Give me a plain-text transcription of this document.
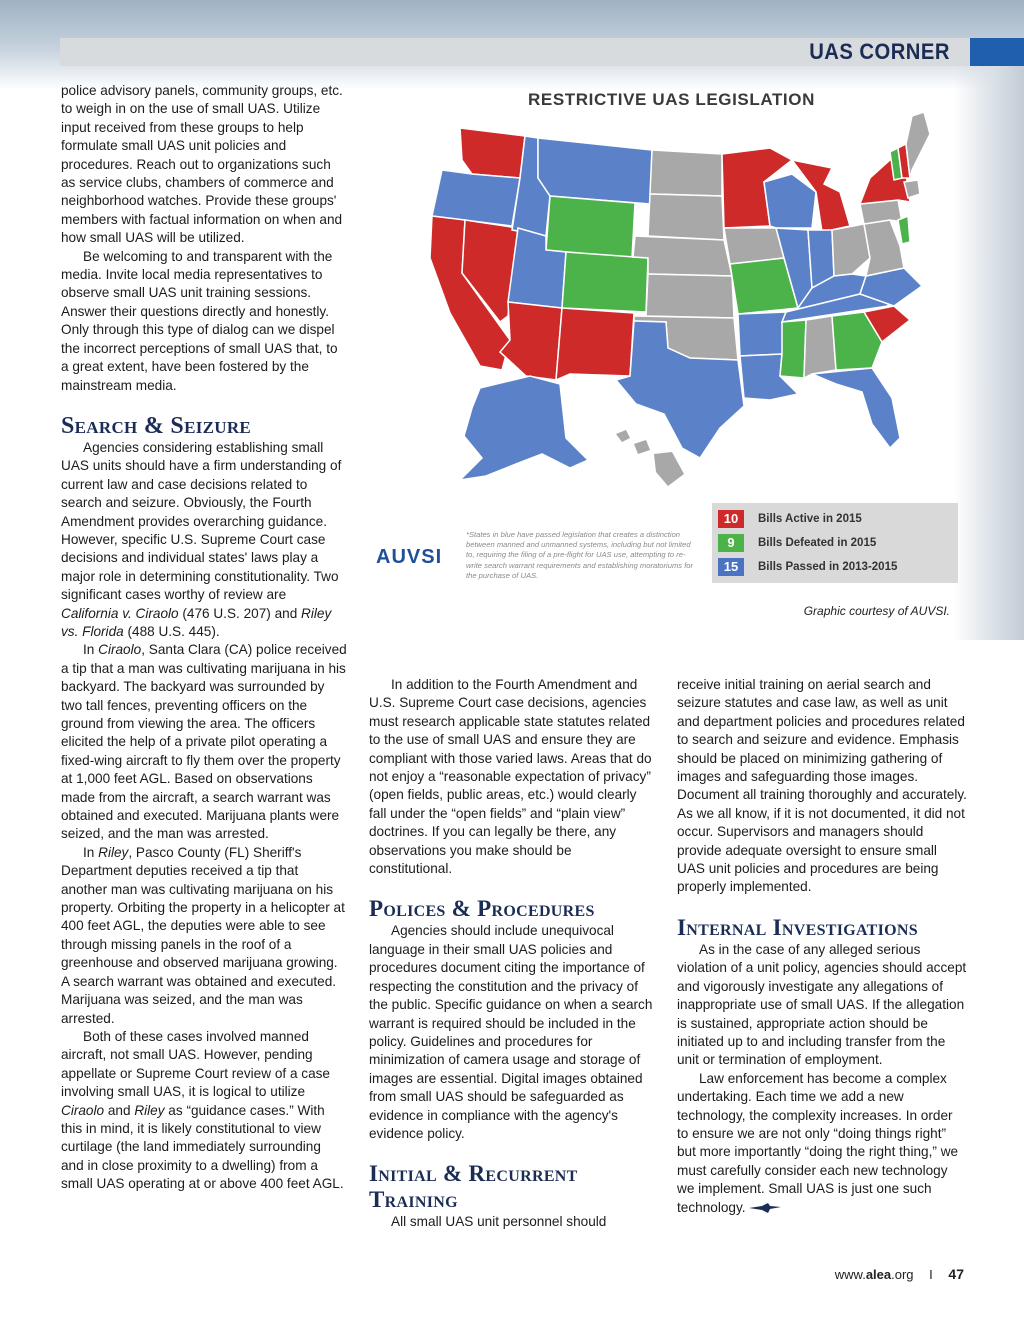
UAS CORNER

police advisory panels, community groups, etc. to weigh in on the use of small UAS. Utilize input received from these groups to help formulate small UAS unit policies and procedures. Reach out to organizations such as service clubs, chambers of commerce and neighborhood watches. Provide these groups' members with factual information on when and how small UAS will be utilized.

Be welcoming to and transparent with the media. Invite local media representatives to observe small UAS unit training sessions. Answer their questions directly and honestly. Only through this type of dialog can we dispel the incorrect perceptions of small UAS that, to a great extent, have been fostered by the mainstream media.

Search & Seizure

Agencies considering establishing small UAS units should have a firm understanding of current law and case decisions related to search and seizure. Obviously, the Fourth Amendment provides overarching guidance. However, specific U.S. Supreme Court case decisions and individual states' laws play a major role in determining constitutionality. Two significant cases worthy of review are California v. Ciraolo (476 U.S. 207) and Riley vs. Florida (488 U.S. 445).

In Ciraolo, Santa Clara (CA) police received a tip that a man was cultivating marijuana in his backyard. The backyard was surrounded by two tall fences, preventing officers on the ground from viewing the area. The officers elicited the help of a private pilot operating a fixed-wing aircraft to fly them over the property at 1,000 feet AGL. Based on observations made from the aircraft, a search warrant was obtained and executed. Marijuana plants were seized, and the man was arrested.

In Riley, Pasco County (FL) Sheriff's Department deputies received a tip that another man was cultivating marijuana on his property. Orbiting the property in a helicopter at 400 feet AGL, the deputies were able to see through missing panels in the roof of a greenhouse and observed marijuana growing. A search warrant was obtained and executed. Marijuana was seized, and the man was arrested.

Both of these cases involved manned aircraft, not small UAS. However, pending appellate or Supreme Court review of a case involving small UAS, it is logical to utilize Ciraolo and Riley as “guidance cases.” With this in mind, it is likely constitutional to view curtilage (the land immediately surrounding and in close proximity to a dwelling) from a small UAS operating at or above 400 feet AGL.

RESTRICTIVE UAS LEGISLATION
*States in blue have passed legislation that creates a distinction between manned and unmanned systems, including but not limited to, requiring the filing of a pre-flight for UAS use, attempting to re-write search warrant requirements and establishing moratoriums for the purchase of UAS.
AUVSI
10	Bills Active in 2015
9	Bills Defeated in 2015
15	Bills Passed in 2013-2015
Graphic courtesy of AUVSI.

In addition to the Fourth Amendment and U.S. Supreme Court case decisions, agencies must research applicable state statutes related to the use of small UAS and ensure they are compliant with those varied laws. Areas that do not enjoy a “reasonable expectation of privacy” (open fields, public areas, etc.) would clearly fall under the “open fields” and “plain view” doctrines. If you can legally be there, any observations you make should be constitutional.

Polices & Procedures

Agencies should include unequivocal language in their small UAS policies and procedures document citing the importance of respecting the constitution and the privacy of the public. Specific guidance on when a search warrant is required should be included in the policy. Guidelines and procedures for minimization of camera usage and storage of images are essential. Digital images obtained from small UAS should be safeguarded as evidence in compliance with the agency's evidence policy.

Initial & Recurrent Training

All small UAS unit personnel should

receive initial training on aerial search and seizure statutes and case law, as well as unit and department policies and procedures related to search and seizure and evidence. Emphasis should be placed on minimizing gathering of images and safeguarding those images. Document all training thoroughly and accurately. As we all know, if it is not documented, it did not occur. Supervisors and managers should provide adequate oversight to ensure small UAS unit policies and procedures are being properly implemented.

Internal Investigations

As in the case of any alleged serious violation of a unit policy, agencies should accept and vigorously investigate any allegations of inappropriate use of small UAS. If the allegation is sustained, appropriate action should be initiated up to and including transfer from the unit or termination of employment.

Law enforcement has become a complex undertaking. Each time we add a new technology, the complexity increases. In order to ensure we are not only “doing things right” but more importantly “doing the right thing,” we must carefully consider each new technology we implement. Small UAS is just one such technology.

www.alea.org I 47
